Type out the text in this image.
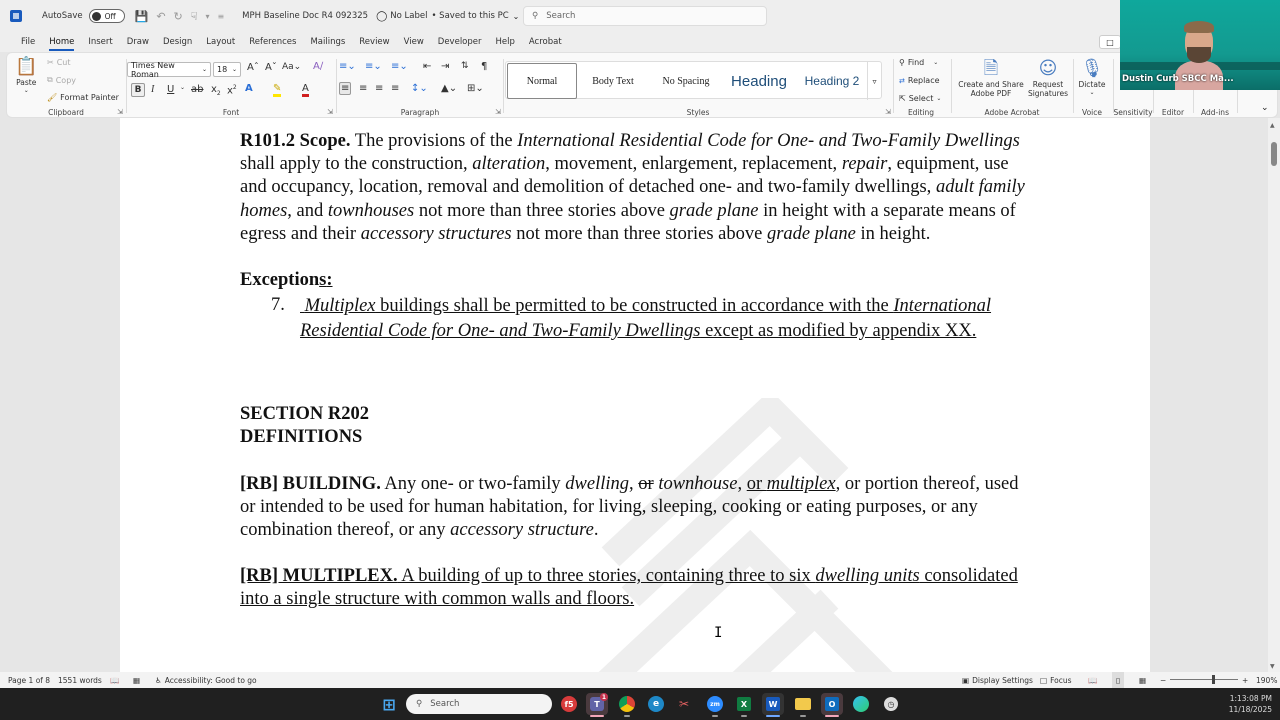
AutoSave	Off 💾 ↶ ↻ ☟ ▾ ≡ MPH Baseline Doc R4 092325 ◯ No Label • Saved to this PC ⌄ ⚲ Search
File	Home	Insert	Draw	Design	Layout	References	Mailings	Review	View	Developer	Help	Acrobat	□
📋
Paste
⌄
✂ Cut
⧉ Copy
🖌 Format Painter
Clipboard	⇲
Times New Roman	⌄ 18 ⌄ Aˆ Aˇ Aa⌄ A∕
B I U ⌄ ab $x_2$ $x^2$ A ✎ A
Font	⇲
≡⌄ ≡⌄ ≡⌄ ⇤ ⇥ ⇅ ¶
≡ ≡ ≡ ≡ ↕⌄ ▲⌄ ⊞⌄
Paragraph	⇲
Normal	Body Text	No Spacing	Heading	Heading 2	▿
Styles	⇲
⚲ Find ⌄
⇄ Replace
⇱ Select ⌄
Editing
🗎
Create and Share
Adobe PDF
☺
Request
Signatures
Adobe Acrobat
🎙
Dictate
⌄
Voice	Sensitivity	Editor	Add-ins	⌄
Dustin Curb SBCC Ma...

R101.2 Scope. The provisions of the International Residential Code for One- and Two-Family Dwellings shall apply to the construction, alteration, movement, enlargement, replacement, repair, equipment, use and occupancy, location, removal and demolition of detached one- and two-family dwellings, adult family homes, and townhouses not more than three stories above grade plane in height with a separate means of egress and their accessory structures not more than three stories above grade plane in height.

Exceptions:

7.	Multiplex buildings shall be permitted to be constructed in accordance with the International Residential Code for One- and Two-Family Dwellings except as modified by appendix XX.

SECTION R202

DEFINITIONS

[RB] BUILDING. Any one- or two-family dwelling, or townhouse, or multiplex, or portion thereof, used or intended to be used for human habitation, for living, sleeping, cooking or eating purposes, or any combination thereof, or any accessory structure.

[RB] MULTIPLEX. A building of up to three stories, containing three to six dwelling units consolidated into a single structure with common walls and floors.

I
▲
▼
Page 1 of 8 1551 words 📖 ▦ ♿ Accessibility: Good to go	▣ Display Settings □ Focus 📖	▯	▦ −	+ 190%
⊞ ⚲ Search	f5	T
1
e	✂	zm	X	W	O	◷
1:13:08 PM
11/18/2025
